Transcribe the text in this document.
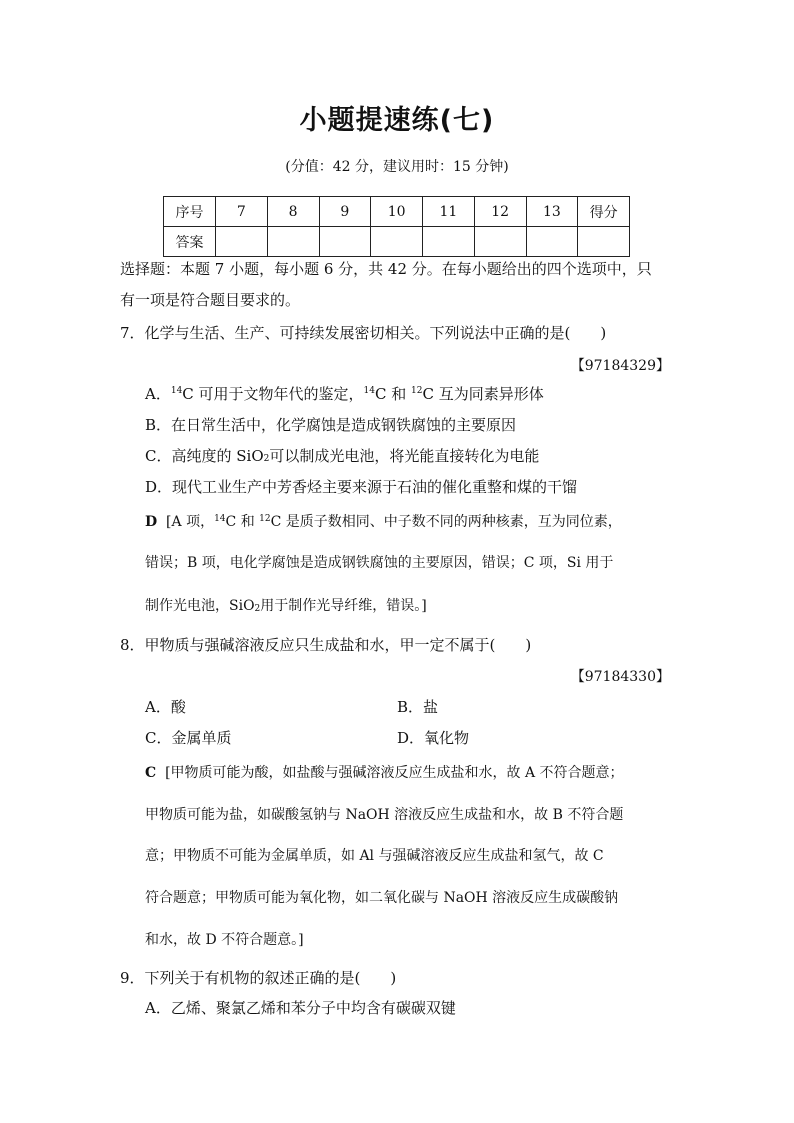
小题提速练(七)
(分值：42 分，建议用时：15 分钟)
序号	7	8	9	10	11	12	13	得分
答案								
选择题：本题 7 小题，每小题 6 分，共 42 分。在每小题给出的四个选项中，只
有一项是符合题目要求的。
7．化学与生活、生产、可持续发展密切相关。下列说法中正确的是(　　)
【97184329】
A．$^{14}$C 可用于文物年代的鉴定，$^{14}$C 和 $^{12}$C 互为同素异形体
B．在日常生活中，化学腐蚀是造成钢铁腐蚀的主要原因
C．高纯度的 SiO$_2$可以制成光电池，将光能直接转化为电能
D．现代工业生产中芳香烃主要来源于石油的催化重整和煤的干馏
D [A 项，$^{14}$C 和 $^{12}$C 是质子数相同、中子数不同的两种核素，互为同位素，
错误；B 项，电化学腐蚀是造成钢铁腐蚀的主要原因，错误；C 项，Si 用于
制作光电池，SiO$_2$用于制作光导纤维，错误。]
8．甲物质与强碱溶液反应只生成盐和水，甲一定不属于(　　)
【97184330】
A．酸	B．盐
C．金属单质	D．氧化物
C [甲物质可能为酸，如盐酸与强碱溶液反应生成盐和水，故 A 不符合题意；
甲物质可能为盐，如碳酸氢钠与 NaOH 溶液反应生成盐和水，故 B 不符合题
意；甲物质不可能为金属单质，如 Al 与强碱溶液反应生成盐和氢气，故 C
符合题意；甲物质可能为氧化物，如二氧化碳与 NaOH 溶液反应生成碳酸钠
和水，故 D 不符合题意。]
9．下列关于有机物的叙述正确的是(　　)
A．乙烯、聚氯乙烯和苯分子中均含有碳碳双键
